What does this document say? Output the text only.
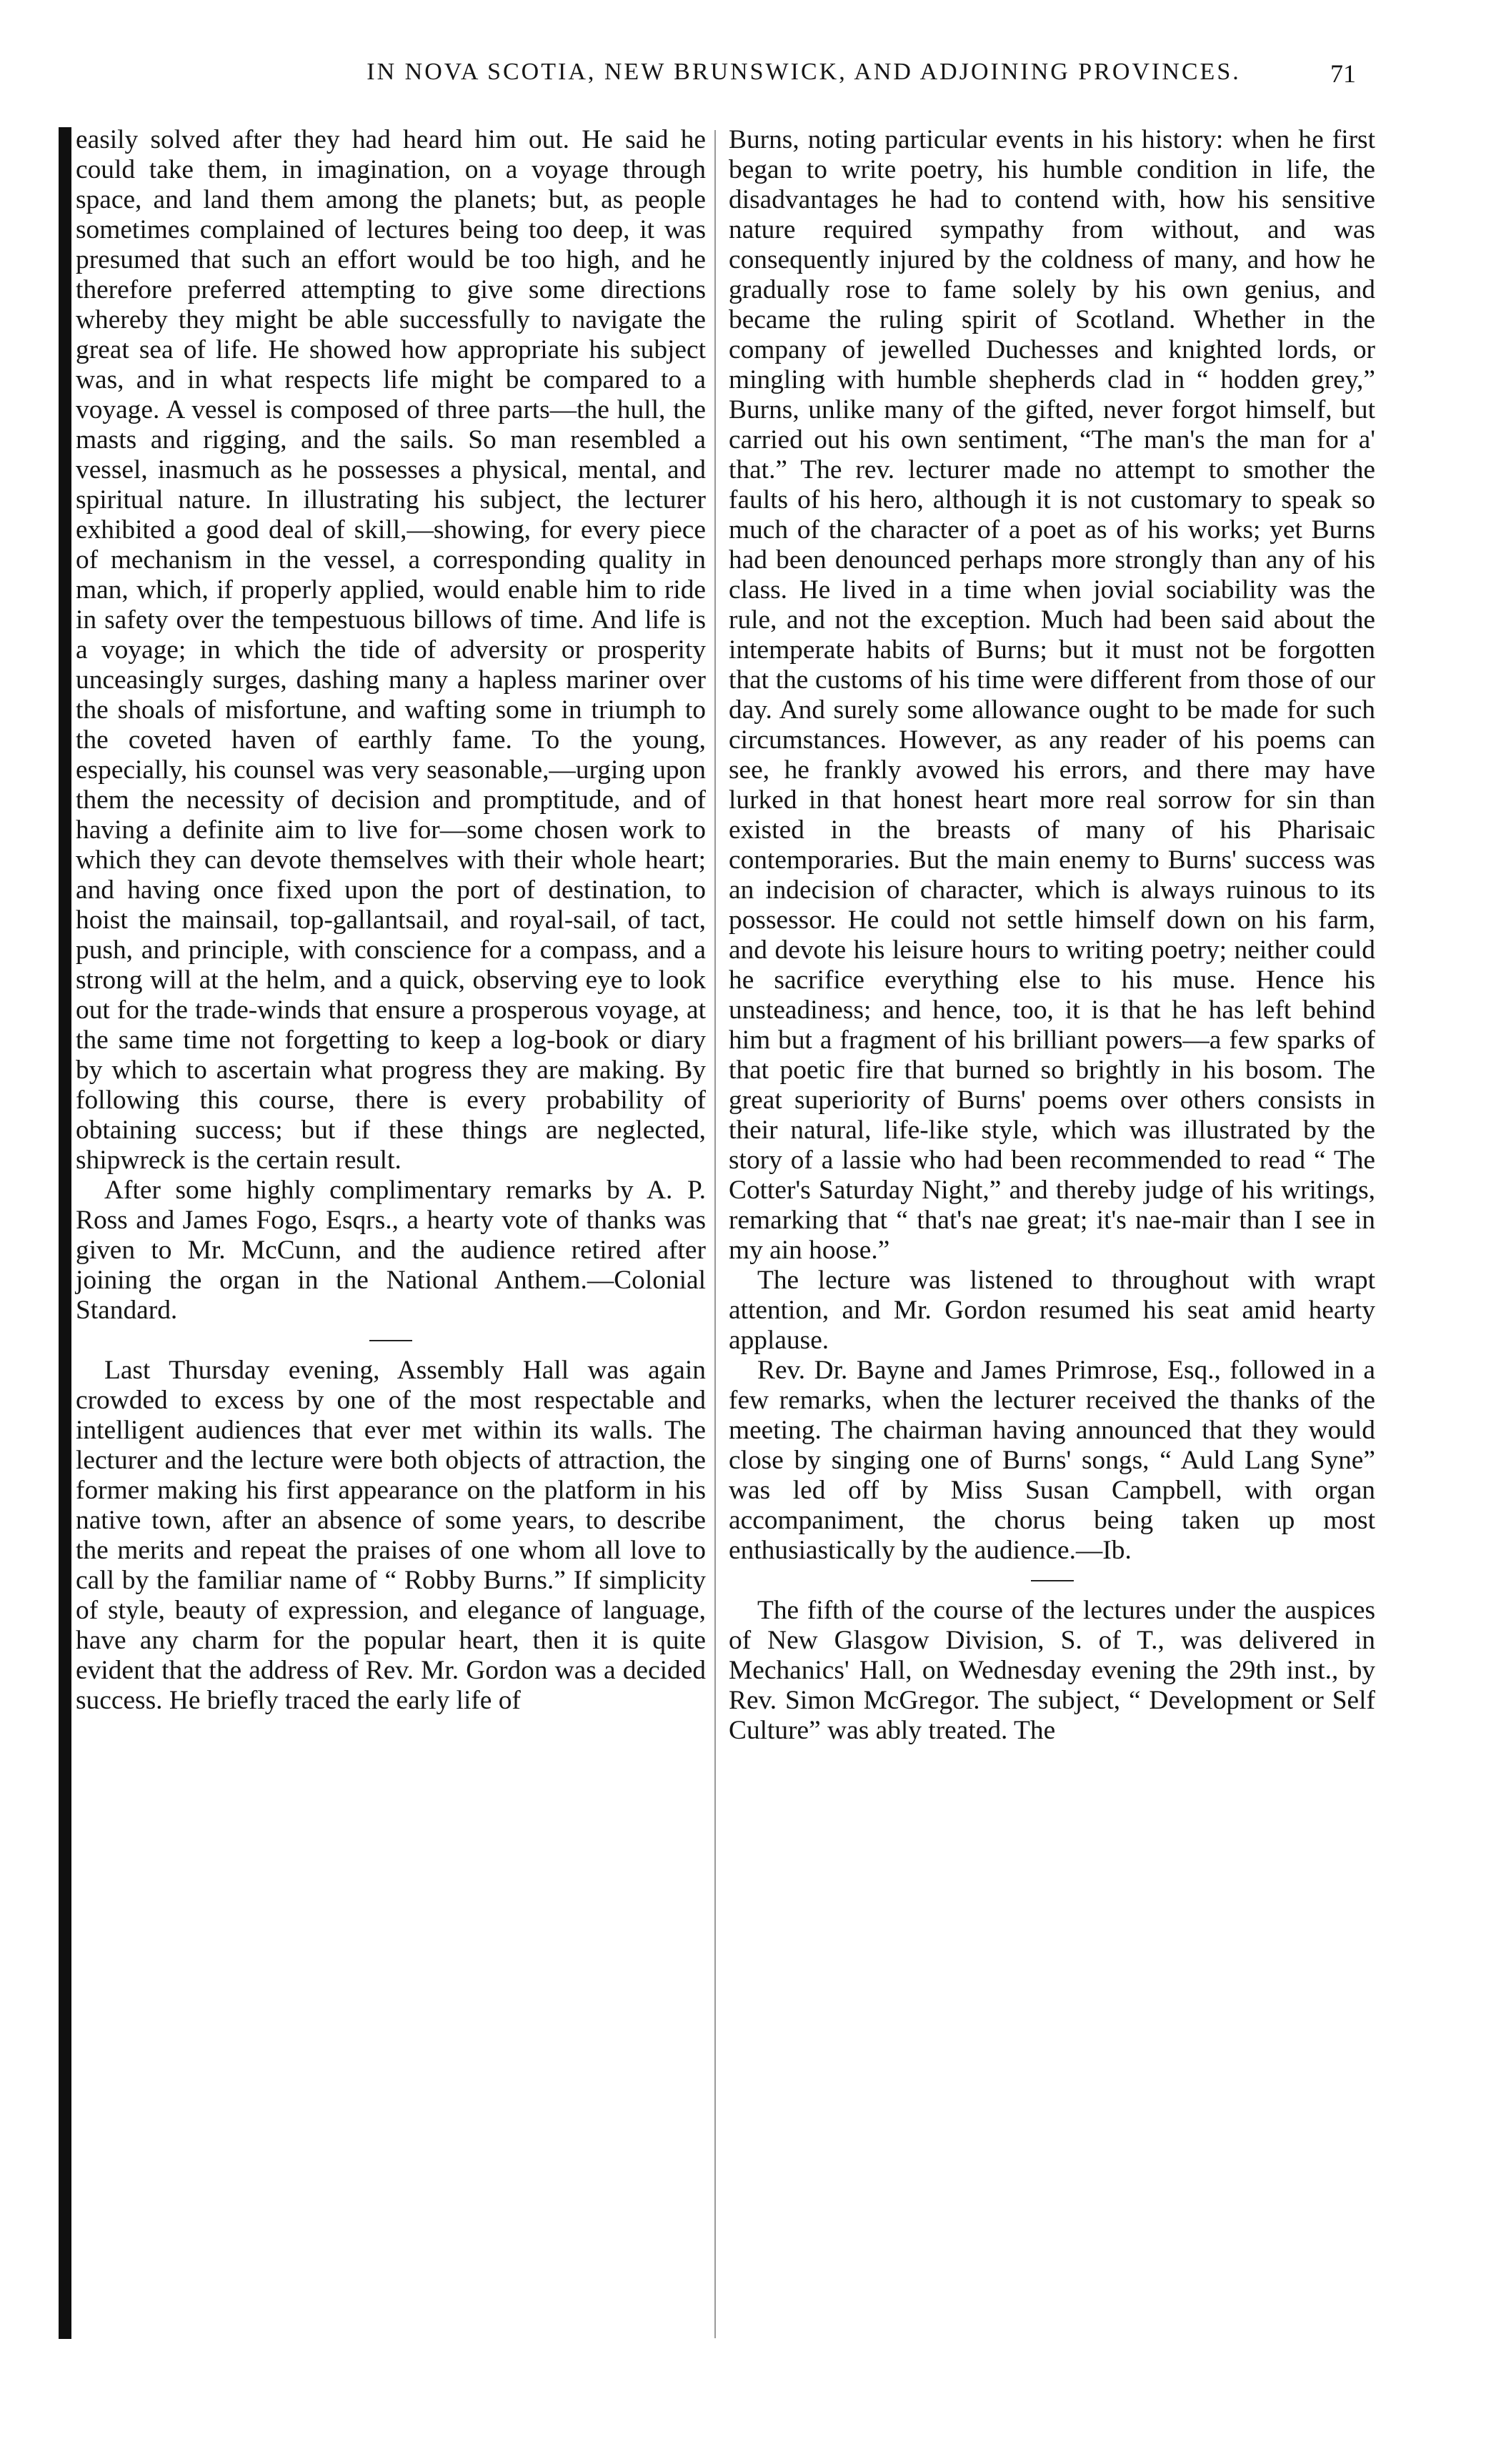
IN NOVA SCOTIA, NEW BRUNSWICK, AND ADJOINING PROVINCES.	71

easily solved after they had heard him out. He said he could take them, in imagination, on a voyage through space, and land them among the planets; but, as people sometimes complained of lectures being too deep, it was presumed that such an effort would be too high, and he therefore preferred attempting to give some directions whereby they might be able successfully to navigate the great sea of life. He showed how appropriate his subject was, and in what respects life might be compared to a voyage. A vessel is composed of three parts—the hull, the masts and rigging, and the sails. So man resembled a vessel, inasmuch as he possesses a physical, mental, and spiritual nature. In illustrating his subject, the lecturer exhibited a good deal of skill,—showing, for every piece of mechanism in the vessel, a corresponding quality in man, which, if properly applied, would enable him to ride in safety over the tempestuous billows of time. And life is a voyage; in which the tide of adversity or prosperity unceasingly surges, dashing many a hapless mariner over the shoals of misfortune, and wafting some in triumph to the coveted haven of earthly fame. To the young, especially, his counsel was very seasonable,—urging upon them the necessity of decision and promptitude, and of having a definite aim to live for—some chosen work to which they can devote themselves with their whole heart; and having once fixed upon the port of destination, to hoist the mainsail, top-gallantsail, and royal-sail, of tact, push, and principle, with conscience for a compass, and a strong will at the helm, and a quick, observing eye to look out for the trade-winds that ensure a prosperous voyage, at the same time not forgetting to keep a log-book or diary by which to ascertain what progress they are making. By following this course, there is every probability of obtaining success; but if these things are neglected, shipwreck is the certain result.

After some highly complimentary remarks by A. P. Ross and James Fogo, Esqrs., a hearty vote of thanks was given to Mr. McCunn, and the audience retired after joining the organ in the National Anthem.—Colonial Standard.

Last Thursday evening, Assembly Hall was again crowded to excess by one of the most respectable and intelligent audiences that ever met within its walls. The lecturer and the lecture were both objects of attraction, the former making his first appearance on the platform in his native town, after an absence of some years, to describe the merits and repeat the praises of one whom all love to call by the familiar name of “ Robby Burns.” If simplicity of style, beauty of expression, and elegance of language, have any charm for the popular heart, then it is quite evident that the address of Rev. Mr. Gordon was a decided success. He briefly traced the early life of

Burns, noting particular events in his history: when he first began to write poetry, his humble condition in life, the disadvantages he had to contend with, how his sensitive nature required sympathy from without, and was consequently injured by the coldness of many, and how he gradually rose to fame solely by his own genius, and became the ruling spirit of Scotland. Whether in the company of jewelled Duchesses and knighted lords, or mingling with humble shepherds clad in “ hodden grey,” Burns, unlike many of the gifted, never forgot himself, but carried out his own sentiment, “The man's the man for a' that.” The rev. lecturer made no attempt to smother the faults of his hero, although it is not customary to speak so much of the character of a poet as of his works; yet Burns had been denounced perhaps more strongly than any of his class. He lived in a time when jovial sociability was the rule, and not the exception. Much had been said about the intemperate habits of Burns; but it must not be forgotten that the customs of his time were different from those of our day. And surely some allowance ought to be made for such circumstances. However, as any reader of his poems can see, he frankly avowed his errors, and there may have lurked in that honest heart more real sorrow for sin than existed in the breasts of many of his Pharisaic contemporaries. But the main enemy to Burns' success was an indecision of character, which is always ruinous to its possessor. He could not settle himself down on his farm, and devote his leisure hours to writing poetry; neither could he sacrifice everything else to his muse. Hence his unsteadiness; and hence, too, it is that he has left behind him but a fragment of his brilliant powers—a few sparks of that poetic fire that burned so brightly in his bosom. The great superiority of Burns' poems over others consists in their natural, life-like style, which was illustrated by the story of a lassie who had been recommended to read “ The Cotter's Saturday Night,” and thereby judge of his writings, remarking that “ that's nae great; it's nae-mair than I see in my ain hoose.”

The lecture was listened to throughout with wrapt attention, and Mr. Gordon resumed his seat amid hearty applause.

Rev. Dr. Bayne and James Primrose, Esq., followed in a few remarks, when the lecturer received the thanks of the meeting. The chairman having announced that they would close by singing one of Burns' songs, “ Auld Lang Syne” was led off by Miss Susan Campbell, with organ accompaniment, the chorus being taken up most enthusiastically by the audience.—Ib.

The fifth of the course of the lectures under the auspices of New Glasgow Division, S. of T., was delivered in Mechanics' Hall, on Wednesday evening the 29th inst., by Rev. Simon McGregor. The subject, “ Development or Self Culture” was ably treated. The
